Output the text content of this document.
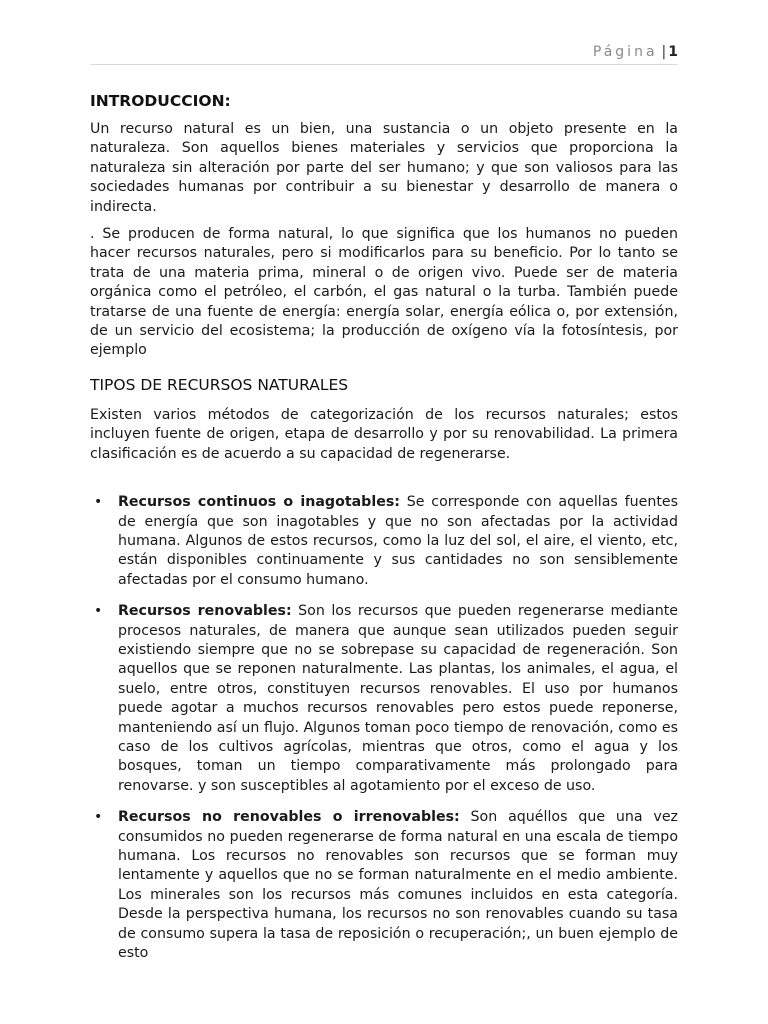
Página | 1
INTRODUCCION:

Un recurso natural es un bien, una sustancia o un objeto presente en la naturaleza. Son aquellos bienes materiales y servicios que proporciona la naturaleza sin alteración por parte del ser humano; y que son valiosos para las sociedades humanas por contribuir a su bienestar y desarrollo de manera o indirecta.

. Se producen de forma natural, lo que significa que los humanos no pueden hacer recursos naturales, pero si modificarlos para su beneficio. Por lo tanto se trata de una materia prima, mineral o de origen vivo. Puede ser de materia orgánica como el petróleo, el carbón, el gas natural o la turba. También puede tratarse de una fuente de energía: energía solar, energía eólica o, por extensión, de un servicio del ecosistema; la producción de oxígeno vía la fotosíntesis, por ejemplo

TIPOS DE RECURSOS NATURALES

Existen varios métodos de categorización de los recursos naturales; estos incluyen fuente de origen, etapa de desarrollo y por su renovabilidad. La primera clasificación es de acuerdo a su capacidad de regenerarse.

• Recursos continuos o inagotables: Se corresponde con aquellas fuentes de energía que son inagotables y que no son afectadas por la actividad humana. Algunos de estos recursos, como la luz del sol, el aire, el viento, etc, están disponibles continuamente y sus cantidades no son sensiblemente afectadas por el consumo humano.
• Recursos renovables: Son los recursos que pueden regenerarse mediante procesos naturales, de manera que aunque sean utilizados pueden seguir existiendo siempre que no se sobrepase su capacidad de regeneración. Son aquellos que se reponen naturalmente. Las plantas, los animales, el agua, el suelo, entre otros, constituyen recursos renovables. El uso por humanos puede agotar a muchos recursos renovables pero estos puede reponerse, manteniendo así un flujo. Algunos toman poco tiempo de renovación, como es caso de los cultivos agrícolas, mientras que otros, como el agua y los bosques, toman un tiempo comparativamente más prolongado para renovarse. y son susceptibles al agotamiento por el exceso de uso.
• Recursos no renovables o irrenovables: Son aquéllos que una vez consumidos no pueden regenerarse de forma natural en una escala de tiempo humana. Los recursos no renovables son recursos que se forman muy lentamente y aquellos que no se forman naturalmente en el medio ambiente. Los minerales son los recursos más comunes incluidos en esta categoría. Desde la perspectiva humana, los recursos no son renovables cuando su tasa de consumo supera la tasa de reposición o recuperación;, un buen ejemplo de esto
